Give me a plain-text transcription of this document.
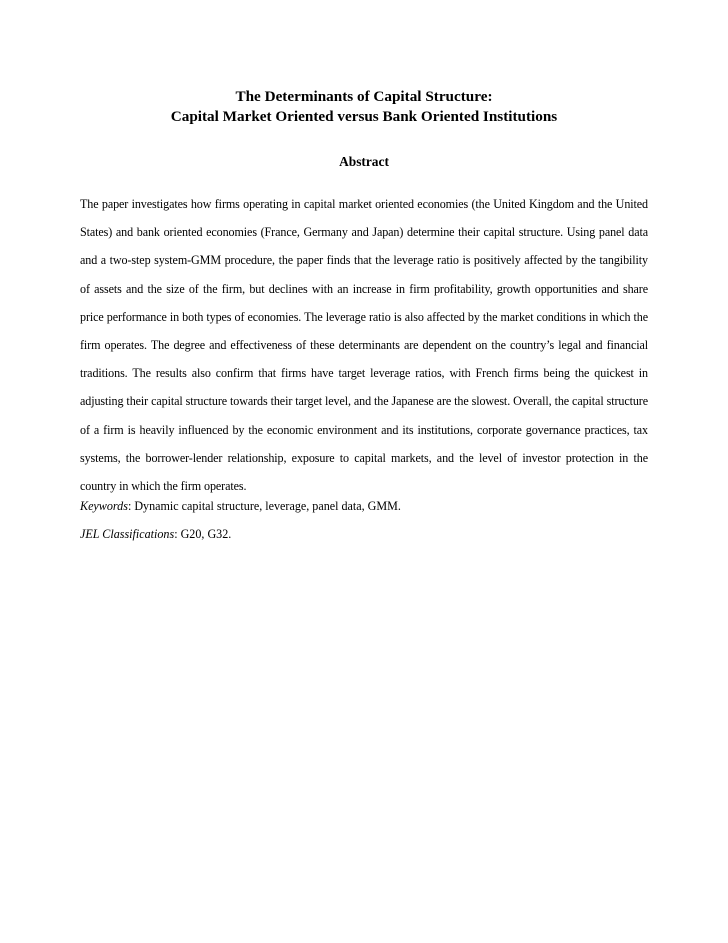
The Determinants of Capital Structure:
Capital Market Oriented versus Bank Oriented Institutions
Abstract

The paper investigates how firms operating in capital market oriented economies (the United Kingdom and the United States) and bank oriented economies (France, Germany and Japan) determine their capital structure. Using panel data and a two-step system-GMM procedure, the paper finds that the leverage ratio is positively affected by the tangibility of assets and the size of the firm, but declines with an increase in firm profitability, growth opportunities and share price performance in both types of economies. The leverage ratio is also affected by the market conditions in which the firm operates. The degree and effectiveness of these determinants are dependent on the country’s legal and financial traditions. The results also confirm that firms have target leverage ratios, with French firms being the quickest in adjusting their capital structure towards their target level, and the Japanese are the slowest. Overall, the capital structure of a firm is heavily influenced by the economic environment and its institutions, corporate governance practices, tax systems, the borrower-lender relationship, exposure to capital markets, and the level of investor protection in the country in which the firm operates.

Keywords: Dynamic capital structure, leverage, panel data, GMM.

JEL Classifications: G20, G32.
